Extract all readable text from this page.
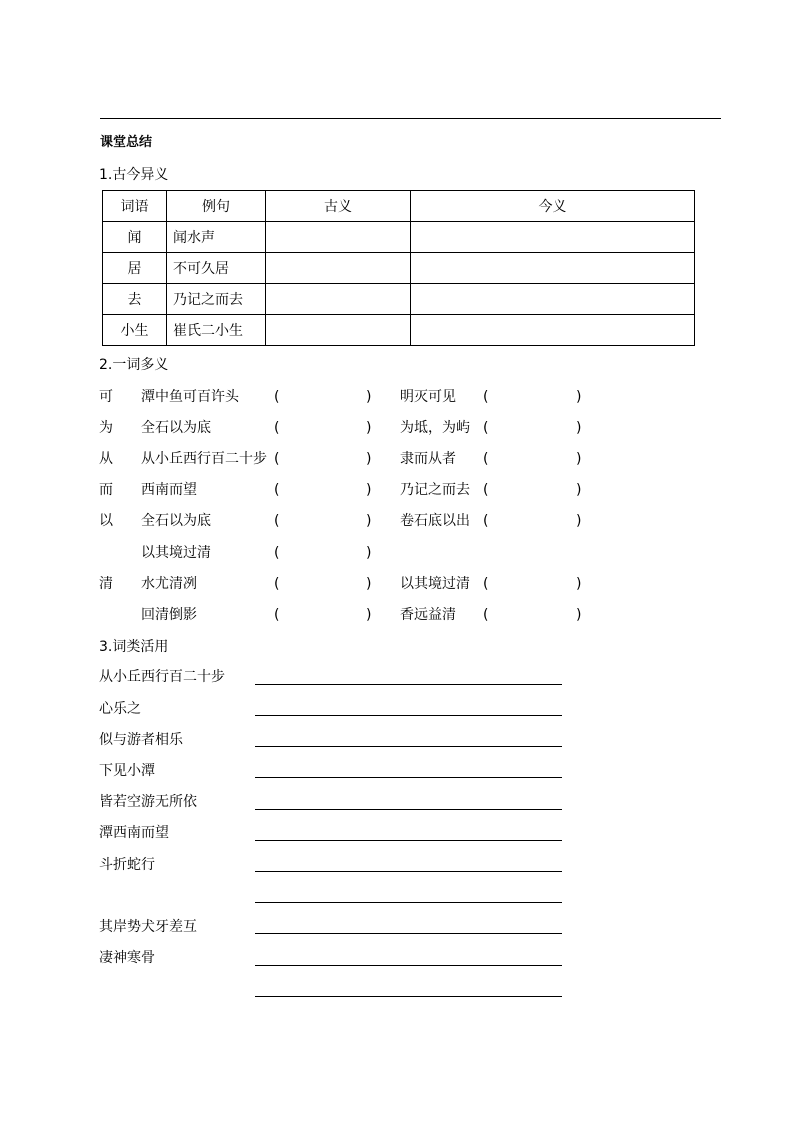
课堂总结
1.古今异义
词语	例句	古义	今义
闻	闻水声		
居	不可久居		
去	乃记之而去		
小生	崔氏二小生		
2.一词多义
可 潭中鱼可百许头	(	) 明灭可见 (	)
为 全石以为底	(	) 为坻，为屿 (	)
从 从小丘西行百二十步 (	) 隶而从者 (	)
而 西南而望	(	) 乃记之而去 (	)
以 全石以为底	(	) 卷石底以出 (	)
以其境过清	(	)
清 水尤清冽	(	) 以其境过清 (	)
回清倒影	(	) 香远益清 (	)
3.词类活用
从小丘西行百二十步
心乐之
似与游者相乐
下见小潭
皆若空游无所依
潭西南而望
斗折蛇行
其岸势犬牙差互
凄神寒骨
